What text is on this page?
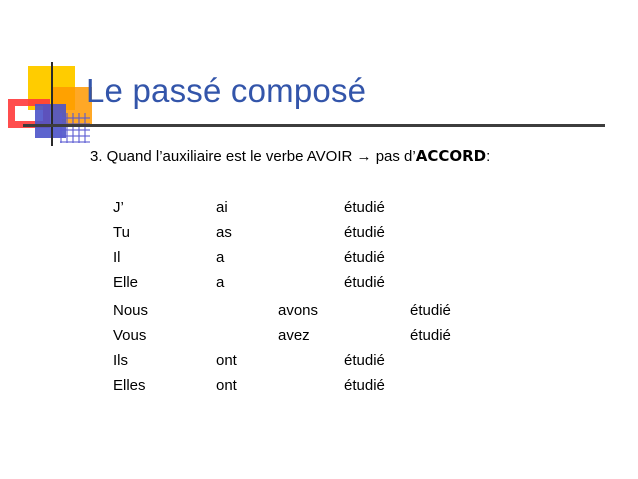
Le passé composé
3. Quand l’auxiliaire est le verbe AVOIR → pas d’ACCORD:
J’	ai	étudié
Tu	as	étudié
Il	a	étudié
Elle	a	étudié
Nous	avons	étudié
Vous	avez	étudié
Ils	ont	étudié
Elles	ont	étudié
